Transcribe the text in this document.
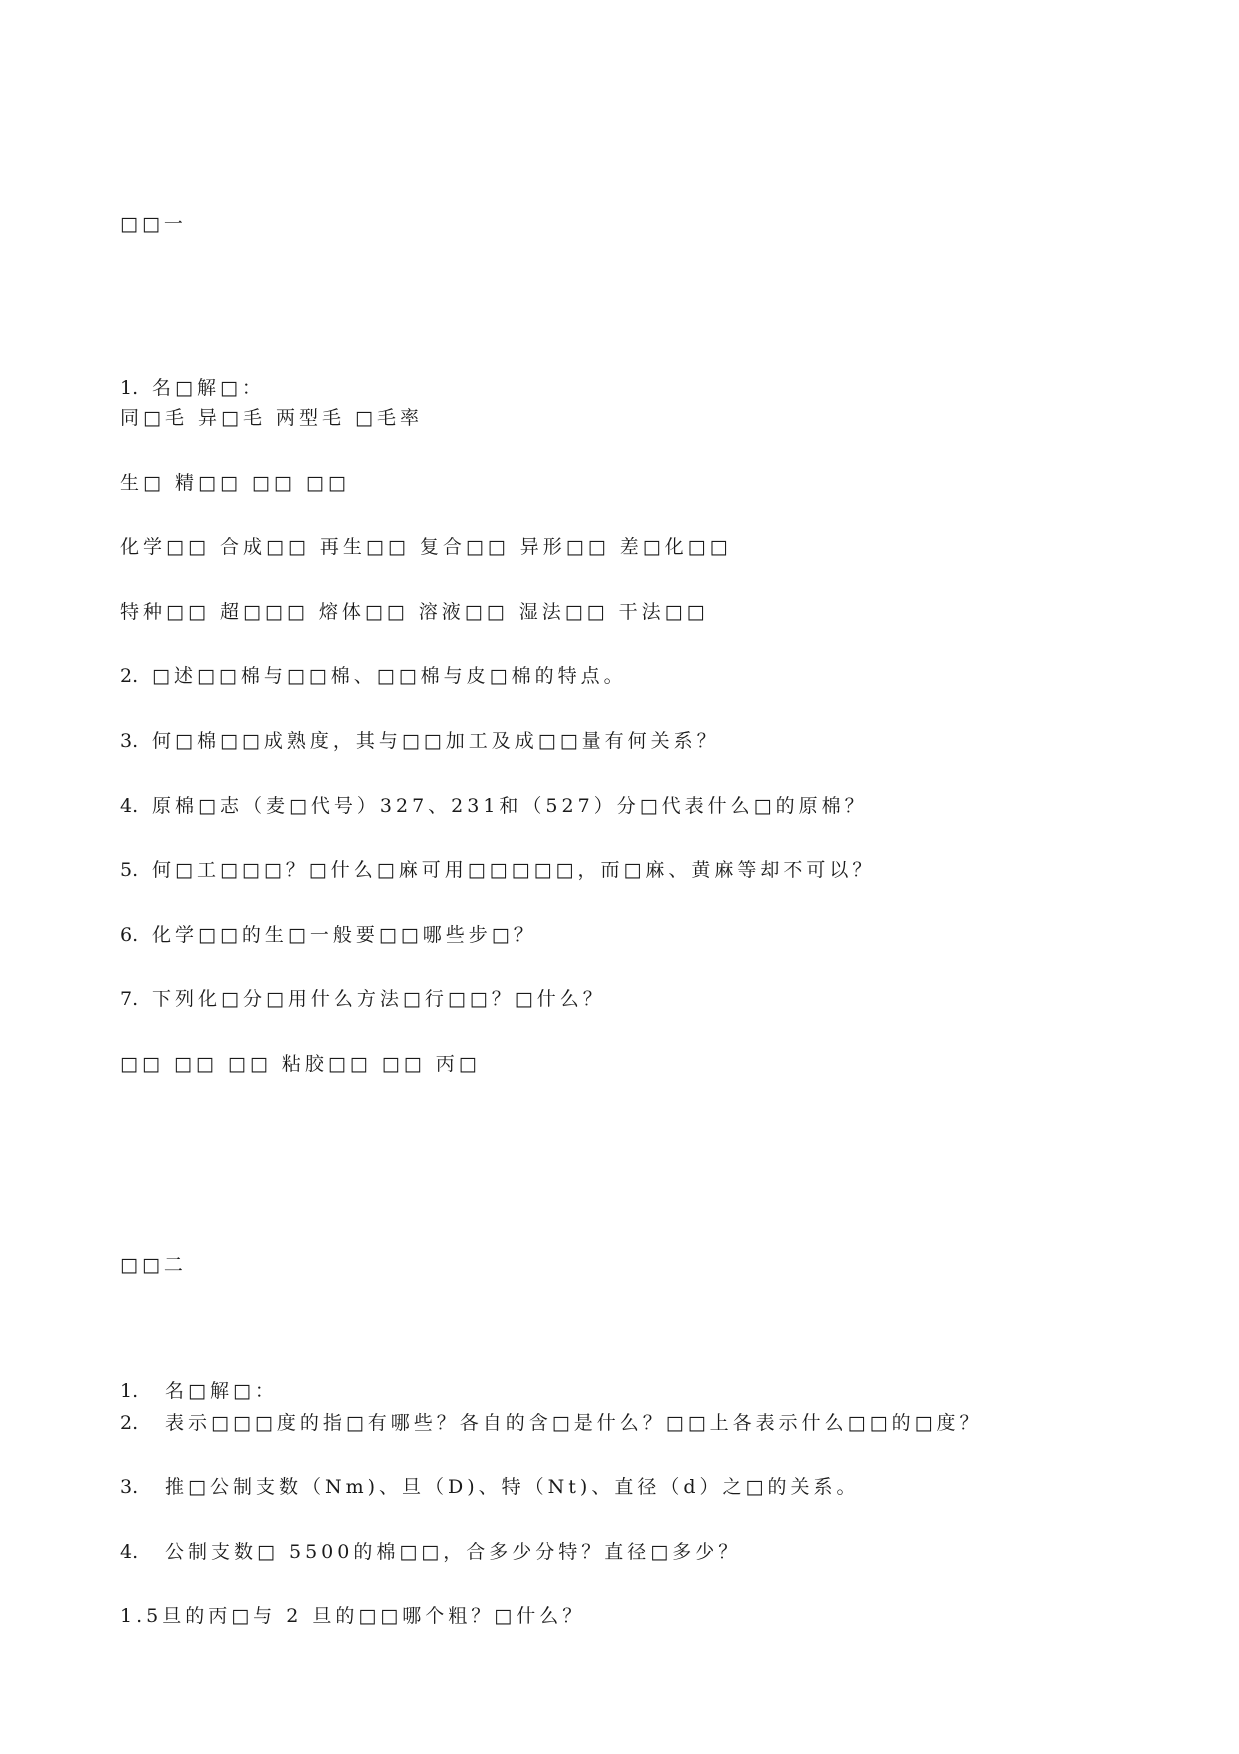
□□一

1. 名□解□：

同□毛 异□毛 两型毛 □毛率

生□ 精□□ □□ □□

化学□□ 合成□□ 再生□□ 复合□□ 异形□□ 差□化□□

特种□□ 超□□□ 熔体□□ 溶液□□ 湿法□□ 干法□□

2. □述□□棉与□□棉、□□棉与皮□棉的特点。

3. 何□棉□□成熟度，其与□□加工及成□□量有何关系？

4. 原棉□志（麦□代号）327、231和（527）分□代表什么□的原棉？

5. 何□工□□□？□什么□麻可用□□□□□，而□麻、黄麻等却不可以？

6. 化学□□的生□一般要□□哪些步□？

7. 下列化□分□用什么方法□行□□？□什么？

□□ □□ □□ 粘胶□□ □□ 丙□

□□二

1. 名□解□：

2. 表示□□□度的指□有哪些？各自的含□是什么？□□上各表示什么□□的□度？

3. 推□公制支数（Nm)、旦（D)、特（Nt)、直径（d）之□的关系。

4. 公制支数□ 5500的棉□□，合多少分特？直径□多少？

1.5旦的丙□与 2 旦的□□哪个粗？□什么？
